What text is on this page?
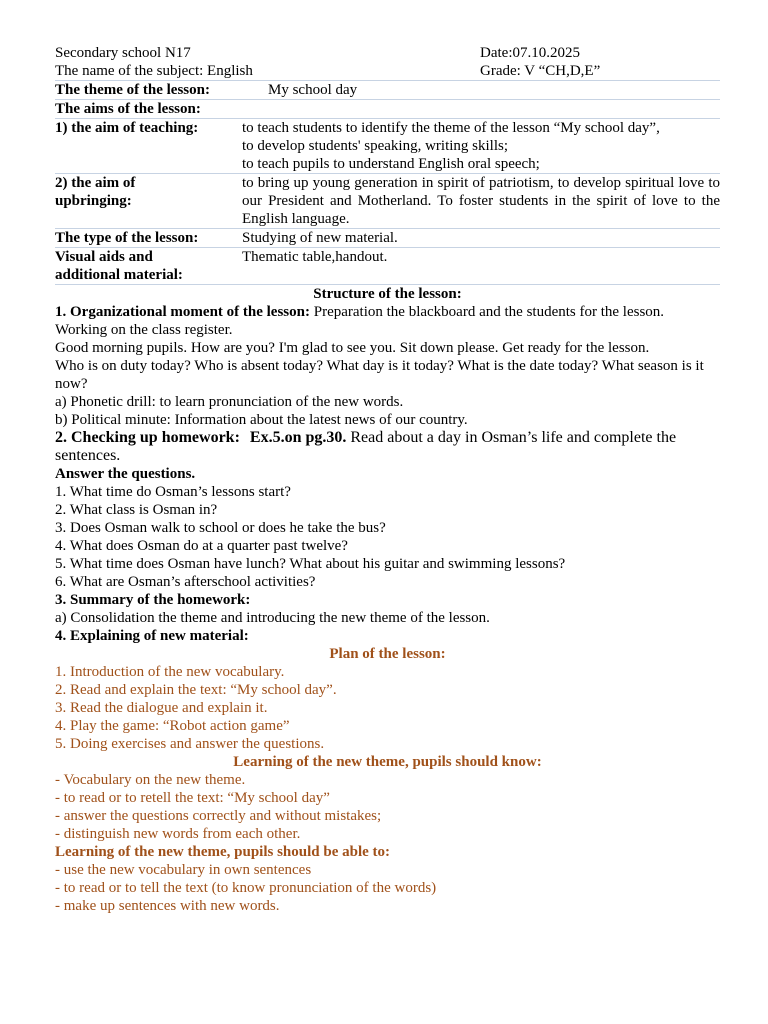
Secondary school N17	Date:07.10.2025
The name of the subject: English	Grade: V “CH,D,E”
The theme of the lesson:	My school day
The aims of the lesson:	
1) the aim of teaching:	to teach students to identify the theme of the lesson “My school day”,
to develop students' speaking, writing skills;
to teach pupils to understand English oral speech;

2) the aim of
upbringing:	to bring up young generation in spirit of patriotism, to develop spiritual love to our President and Motherland. To foster students in the spirit of love to the English language.
The type of the lesson:	Studying of new material.

Visual aids and
additional material:	Thematic table,handout.
Structure of the lesson:
1. Organizational moment of the lesson: Preparation the blackboard and the students for the lesson.
Working on the class register.
Good morning pupils. How are you? I'm glad to see you. Sit down please. Get ready for the lesson.
Who is on duty today? Who is absent today? What day is it today? What is the date today? What season is it now?
a) Phonetic drill: to learn pronunciation of the new words.
b) Political minute: Information about the latest news of our country.
2. Checking up homework: Ex.5.on pg.30. Read about a day in Osman’s life and complete the sentences.
Answer the questions.
1. What time do Osman’s lessons start?
2. What class is Osman in?
3. Does Osman walk to school or does he take the bus?
4. What does Osman do at a quarter past twelve?
5. What time does Osman have lunch? What about his guitar and swimming lessons?
6. What are Osman’s afterschool activities?
3. Summary of the homework:
a) Consolidation the theme and introducing the new theme of the lesson.
4. Explaining of new material:
Plan of the lesson:
1. Introduction of the new vocabulary.
2. Read and explain the text: “My school day”.
3. Read the dialogue and explain it.
4. Play the game: “Robot action game”
5. Doing exercises and answer the questions.
Learning of the new theme, pupils should know:
- Vocabulary on the new theme.
- to read or to retell the text: “My school day”
- answer the questions correctly and without mistakes;
- distinguish new words from each other.
Learning of the new theme, pupils should be able to:
- use the new vocabulary in own sentences
- to read or to tell the text (to know pronunciation of the words)
- make up sentences with new words.
